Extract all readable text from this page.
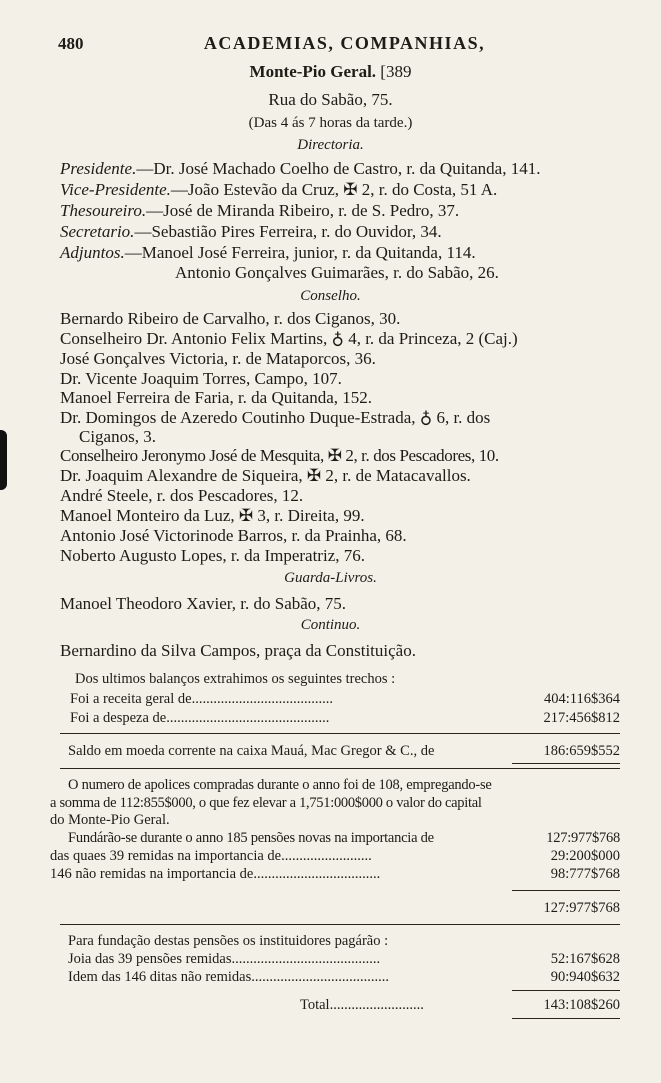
480	ACADEMIAS, COMPANHIAS,
Monte-Pio Geral. [389
Rua do Sabão, 75.
(Das 4 ás 7 horas da tarde.)
Directoria.
Presidente.—Dr. José Machado Coelho de Castro, r. da Quitanda, 141.
Vice-Presidente.—João Estevão da Cruz, ✠ 2, r. do Costa, 51 A.
Thesoureiro.—José de Miranda Ribeiro, r. de S. Pedro, 37.
Secretario.—Sebastião Pires Ferreira, r. do Ouvidor, 34.
Adjuntos.—Manoel José Ferreira, junior, r. da Quitanda, 114.
Antonio Gonçalves Guimarães, r. do Sabão, 26.
Conselho.
Bernardo Ribeiro de Carvalho, r. dos Ciganos, 30.
Conselheiro Dr. Antonio Felix Martins, ♁ 4, r. da Princeza, 2 (Caj.)
José Gonçalves Victoria, r. de Mataporcos, 36.
Dr. Vicente Joaquim Torres, Campo, 107.
Manoel Ferreira de Faria, r. da Quitanda, 152.
Dr. Domingos de Azeredo Coutinho Duque-Estrada, ♁ 6, r. dos
Ciganos, 3.
Conselheiro Jeronymo José de Mesquita, ✠ 2, r. dos Pescadores, 10.
Dr. Joaquim Alexandre de Siqueira, ✠ 2, r. de Matacavallos.
André Steele, r. dos Pescadores, 12.
Manoel Monteiro da Luz, ✠ 3, r. Direita, 99.
Antonio José Victorinode Barros, r. da Prainha, 68.
Noberto Augusto Lopes, r. da Imperatriz, 76.
Guarda-Livros.
Manoel Theodoro Xavier, r. do Sabão, 75.
Continuo.
Bernardino da Silva Campos, praça da Constituição.
Dos ultimos balanços extrahimos os seguintes trechos :
Foi a receita geral de.......................................	404:116$364
Foi a despeza de.............................................	217:456$812
Saldo em moeda corrente na caixa Mauá, Mac Gregor & C., de	186:659$552
O numero de apolices compradas durante o anno foi de 108, empregando-se
a somma de 112:855$000, o que fez elevar a 1,751:000$000 o valor do capital
do Monte-Pio Geral.
Fundárão-se durante o anno 185 pensões novas na importancia de	127:977$768
das quaes 39 remidas na importancia de.........................	29:200$000
146 não remidas na importancia de...................................	98:777$768
127:977$768
Para fundação destas pensões os instituidores pagárão :
Joia das 39 pensões remidas.........................................	52:167$628
Idem das 146 ditas não remidas......................................	90:940$632
Total..........................	143:108$260
